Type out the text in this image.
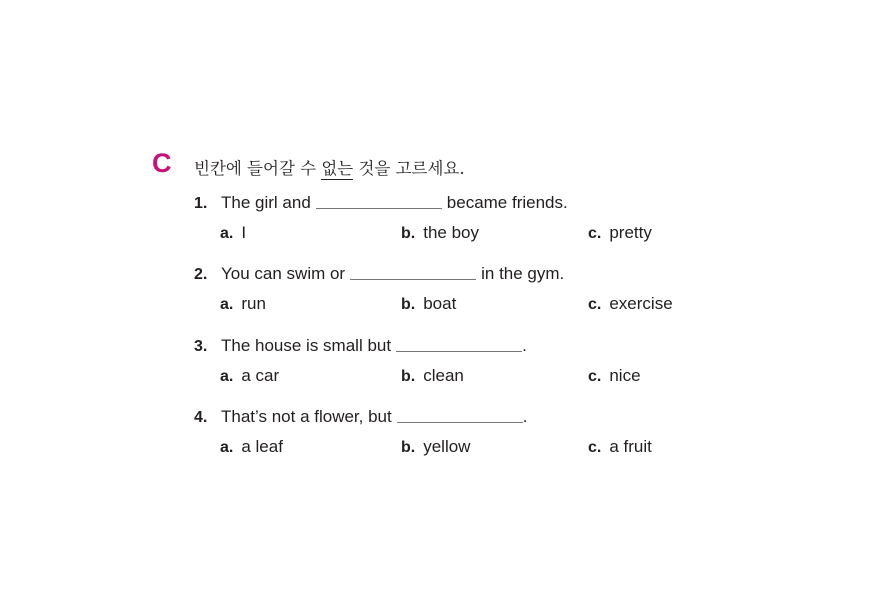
C 빈칸에 들어갈 수 없는 것을 고르세요.
1. The girl and	became friends.
a. I	b. the boy	c. pretty
2. You can swim or	in the gym.
a. run	b. boat	c. exercise
3. The house is small but	.
a. a car	b. clean	c. nice
4. That’s not a flower, but	.
a. a leaf	b. yellow	c. a fruit
